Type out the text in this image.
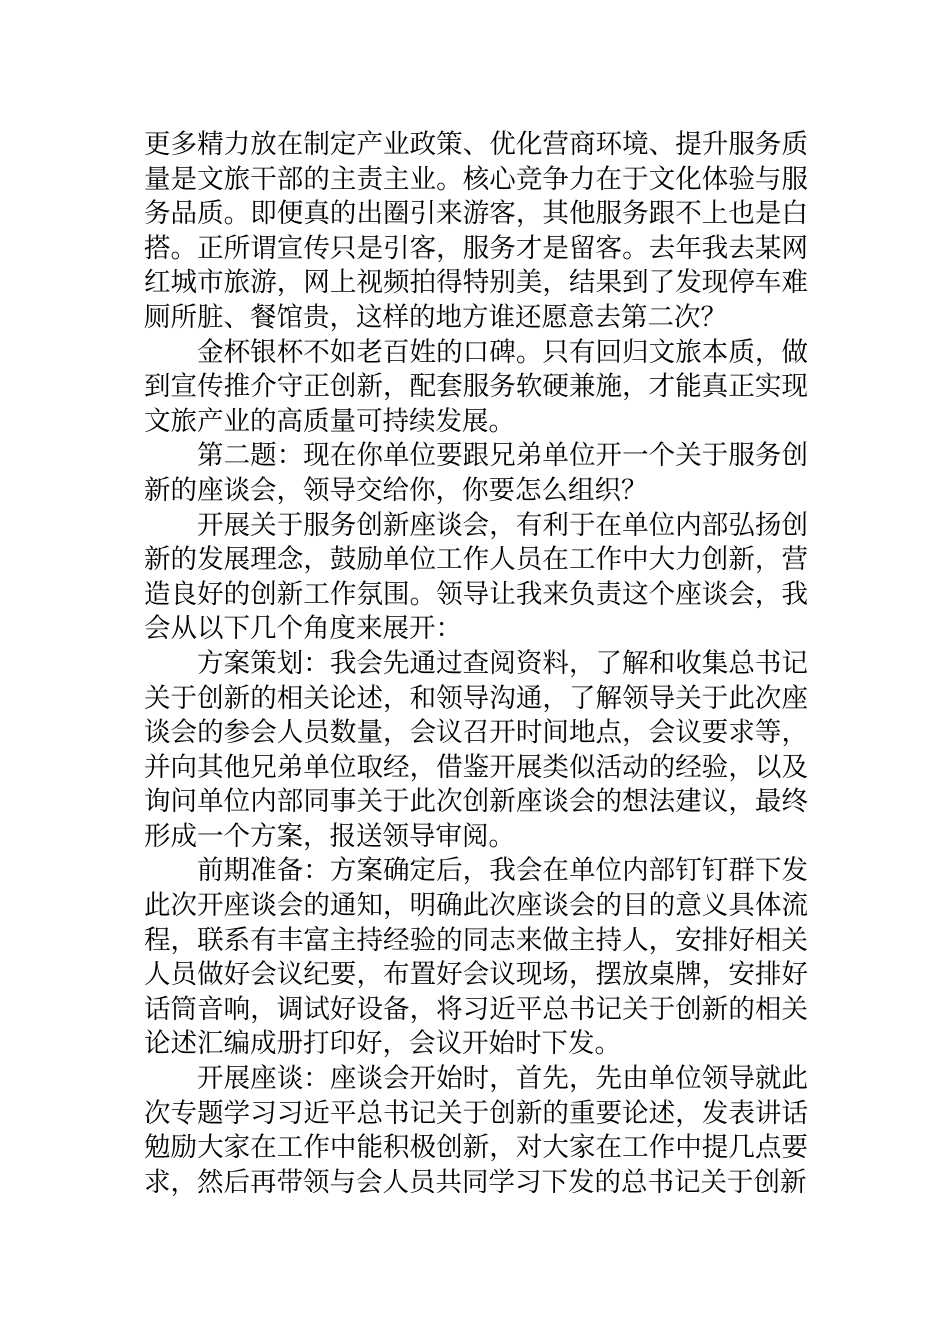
更多精力放在制定产业政策、优化营商环境、提升服务质量是文旅干部的主责主业。核心竞争力在于文化体验与服务品质。即便真的出圈引来游客，其他服务跟不上也是白搭。正所谓宣传只是引客，服务才是留客。去年我去某网红城市旅游，网上视频拍得特别美，结果到了发现停车难厕所脏、餐馆贵，这样的地方谁还愿意去第二次？

金杯银杯不如老百姓的口碑。只有回归文旅本质，做到宣传推介守正创新，配套服务软硬兼施，才能真正实现文旅产业的高质量可持续发展。

第二题：现在你单位要跟兄弟单位开一个关于服务创新的座谈会，领导交给你，你要怎么组织？

开展关于服务创新座谈会，有利于在单位内部弘扬创新的发展理念，鼓励单位工作人员在工作中大力创新，营造良好的创新工作氛围。领导让我来负责这个座谈会，我会从以下几个角度来展开：

方案策划：我会先通过查阅资料，了解和收集总书记关于创新的相关论述，和领导沟通，了解领导关于此次座谈会的参会人员数量，会议召开时间地点，会议要求等，并向其他兄弟单位取经，借鉴开展类似活动的经验，以及询问单位内部同事关于此次创新座谈会的想法建议，最终形成一个方案，报送领导审阅。

前期准备：方案确定后，我会在单位内部钉钉群下发此次开座谈会的通知，明确此次座谈会的目的意义具体流程，联系有丰富主持经验的同志来做主持人，安排好相关人员做好会议纪要，布置好会议现场，摆放桌牌，安排好话筒音响，调试好设备，将习近平总书记关于创新的相关论述汇编成册打印好，会议开始时下发。

开展座谈：座谈会开始时，首先，先由单位领导就此次专题学习习近平总书记关于创新的重要论述，发表讲话勉励大家在工作中能积极创新，对大家在工作中提几点要求，然后再带领与会人员共同学习下发的总书记关于创新
